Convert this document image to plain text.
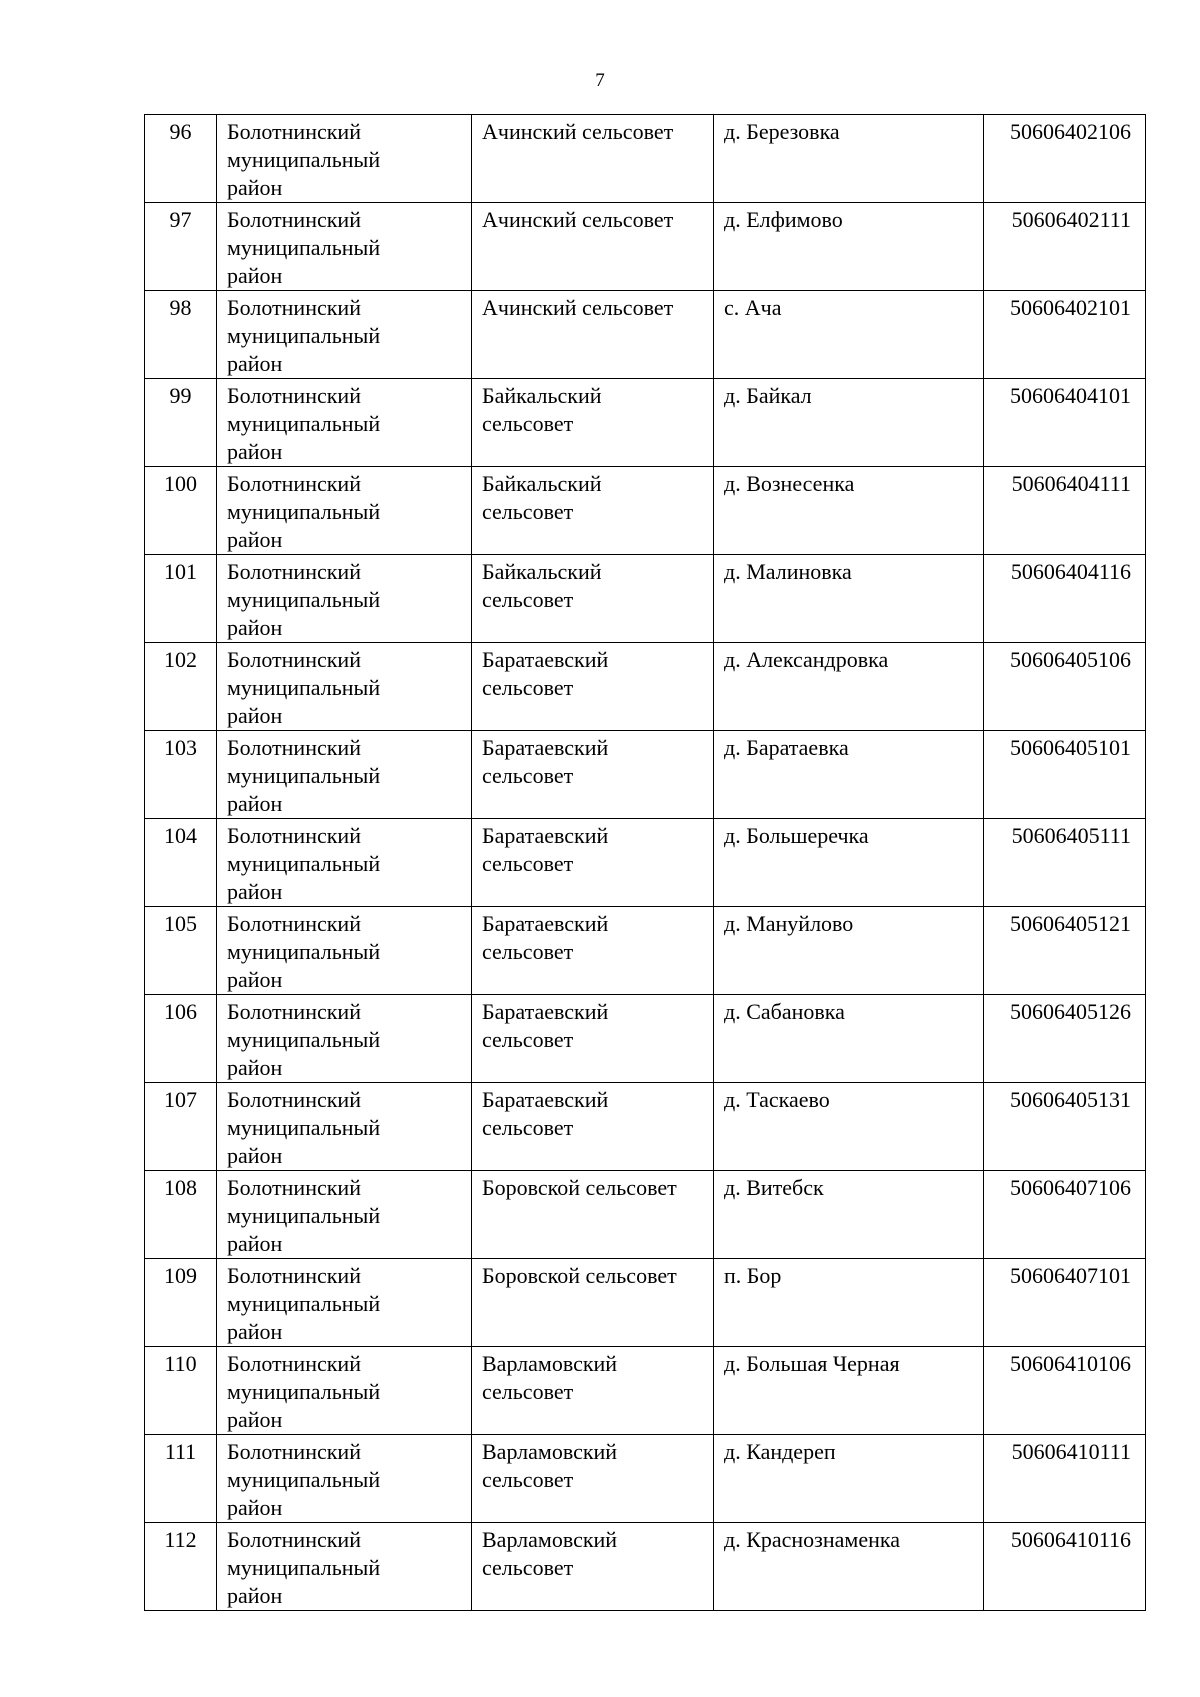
7
96	Болотнинский
муниципальный
район	Ачинский сельсовет	д. Березовка	50606402106

97	Болотнинский
муниципальный
район	Ачинский сельсовет	д. Елфимово	50606402111

98	Болотнинский
муниципальный
район	Ачинский сельсовет	с. Ача	50606402101

99	Болотнинский
муниципальный
район	Байкальский
сельсовет	д. Байкал	50606404101

100	Болотнинский
муниципальный
район	Байкальский
сельсовет	д. Вознесенка	50606404111

101	Болотнинский
муниципальный
район	Байкальский
сельсовет	д. Малиновка	50606404116

102	Болотнинский
муниципальный
район	Баратаевский
сельсовет	д. Александровка	50606405106

103	Болотнинский
муниципальный
район	Баратаевский
сельсовет	д. Баратаевка	50606405101

104	Болотнинский
муниципальный
район	Баратаевский
сельсовет	д. Большеречка	50606405111

105	Болотнинский
муниципальный
район	Баратаевский
сельсовет	д. Мануйлово	50606405121

106	Болотнинский
муниципальный
район	Баратаевский
сельсовет	д. Сабановка	50606405126

107	Болотнинский
муниципальный
район	Баратаевский
сельсовет	д. Таскаево	50606405131

108	Болотнинский
муниципальный
район	Боровской сельсовет	д. Витебск	50606407106

109	Болотнинский
муниципальный
район	Боровской сельсовет	п. Бор	50606407101

110	Болотнинский
муниципальный
район	Варламовский
сельсовет	д. Большая Черная	50606410106

111	Болотнинский
муниципальный
район	Варламовский
сельсовет	д. Кандереп	50606410111

112	Болотнинский
муниципальный
район	Варламовский
сельсовет	д. Краснознаменка	50606410116
